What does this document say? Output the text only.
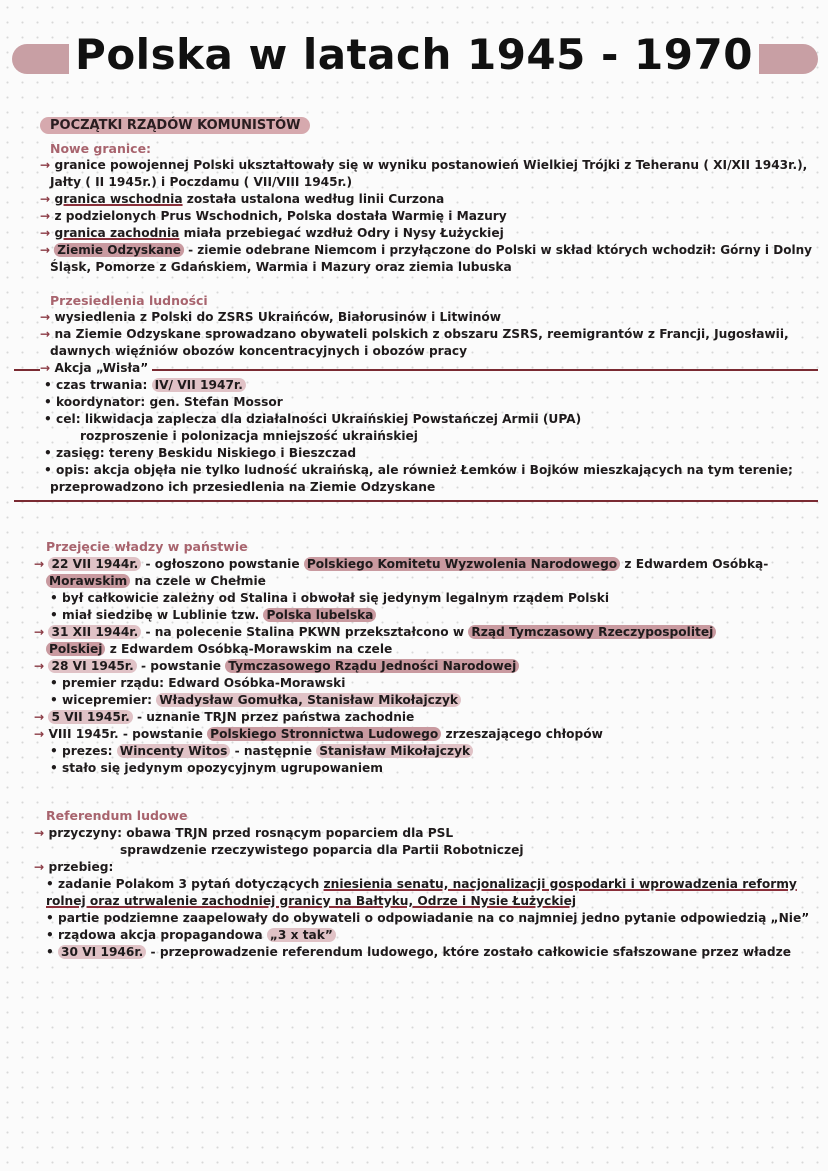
Polska w latach 1945 - 1970
POCZĄTKI RZĄDÓW KOMUNISTÓW
Nowe granice:
→ granice powojennej Polski ukształtowały się w wyniku postanowień Wielkiej Trójki z Teheranu ( XI/XII 1943r.),
Jałty ( II 1945r.) i Poczdamu ( VII/VIII 1945r.)
→ granica wschodnia została ustalona według linii Curzona
→ z podzielonych Prus Wschodnich, Polska dostała Warmię i Mazury
→ granica zachodnia miała przebiegać wzdłuż Odry i Nysy Łużyckiej
→ Ziemie Odzyskane - ziemie odebrane Niemcom i przyłączone do Polski w skład których wchodził: Górny i Dolny
Śląsk, Pomorze z Gdańskiem, Warmia i Mazury oraz ziemia lubuska
Przesiedlenia ludności
→ wysiedlenia z Polski do ZSRS Ukraińców, Białorusinów i Litwinów
→ na Ziemie Odzyskane sprowadzano obywateli polskich z obszaru ZSRS, reemigrantów z Francji, Jugosławii,
dawnych więźniów obozów koncentracyjnych i obozów pracy
→ Akcja „Wisła”
• czas trwania: IV/ VII 1947r.
• koordynator: gen. Stefan Mossor
• cel: likwidacja zaplecza dla działalności Ukraińskiej Powstańczej Armii (UPA)
rozproszenie i polonizacja mniejszość ukraińskiej
• zasięg: tereny Beskidu Niskiego i Bieszczad
• opis: akcja objęła nie tylko ludność ukraińską, ale również Łemków i Bojków mieszkających na tym terenie;
przeprowadzono ich przesiedlenia na Ziemie Odzyskane
Przejęcie władzy w państwie
→ 22 VII 1944r. - ogłoszono powstanie Polskiego Komitetu Wyzwolenia Narodowego z Edwardem Osóbką-
Morawskim na czele w Chełmie
• był całkowicie zależny od Stalina i obwołał się jedynym legalnym rządem Polski
• miał siedzibę w Lublinie tzw. Polska lubelska
→ 31 XII 1944r. - na polecenie Stalina PKWN przekształcono w Rząd Tymczasowy Rzeczypospolitej
Polskiej z Edwardem Osóbką-Morawskim na czele
→ 28 VI 1945r. - powstanie Tymczasowego Rządu Jedności Narodowej
• premier rządu: Edward Osóbka-Morawski
• wicepremier: Władysław Gomułka, Stanisław Mikołajczyk
→ 5 VII 1945r. - uznanie TRJN przez państwa zachodnie
→ VIII 1945r. - powstanie Polskiego Stronnictwa Ludowego zrzeszającego chłopów
• prezes: Wincenty Witos - następnie Stanisław Mikołajczyk
• stało się jedynym opozycyjnym ugrupowaniem
Referendum ludowe
→ przyczyny: obawa TRJN przed rosnącym poparciem dla PSL
sprawdzenie rzeczywistego poparcia dla Partii Robotniczej
→ przebieg:
• zadanie Polakom 3 pytań dotyczących zniesienia senatu, nacjonalizacji gospodarki i wprowadzenia reformy
rolnej oraz utrwalenie zachodniej granicy na Bałtyku, Odrze i Nysie Łużyckiej
• partie podziemne zaapelowały do obywateli o odpowiadanie na co najmniej jedno pytanie odpowiedzią „Nie”
• rządowa akcja propagandowa „3 x tak”
• 30 VI 1946r. - przeprowadzenie referendum ludowego, które zostało całkowicie sfałszowane przez władze
